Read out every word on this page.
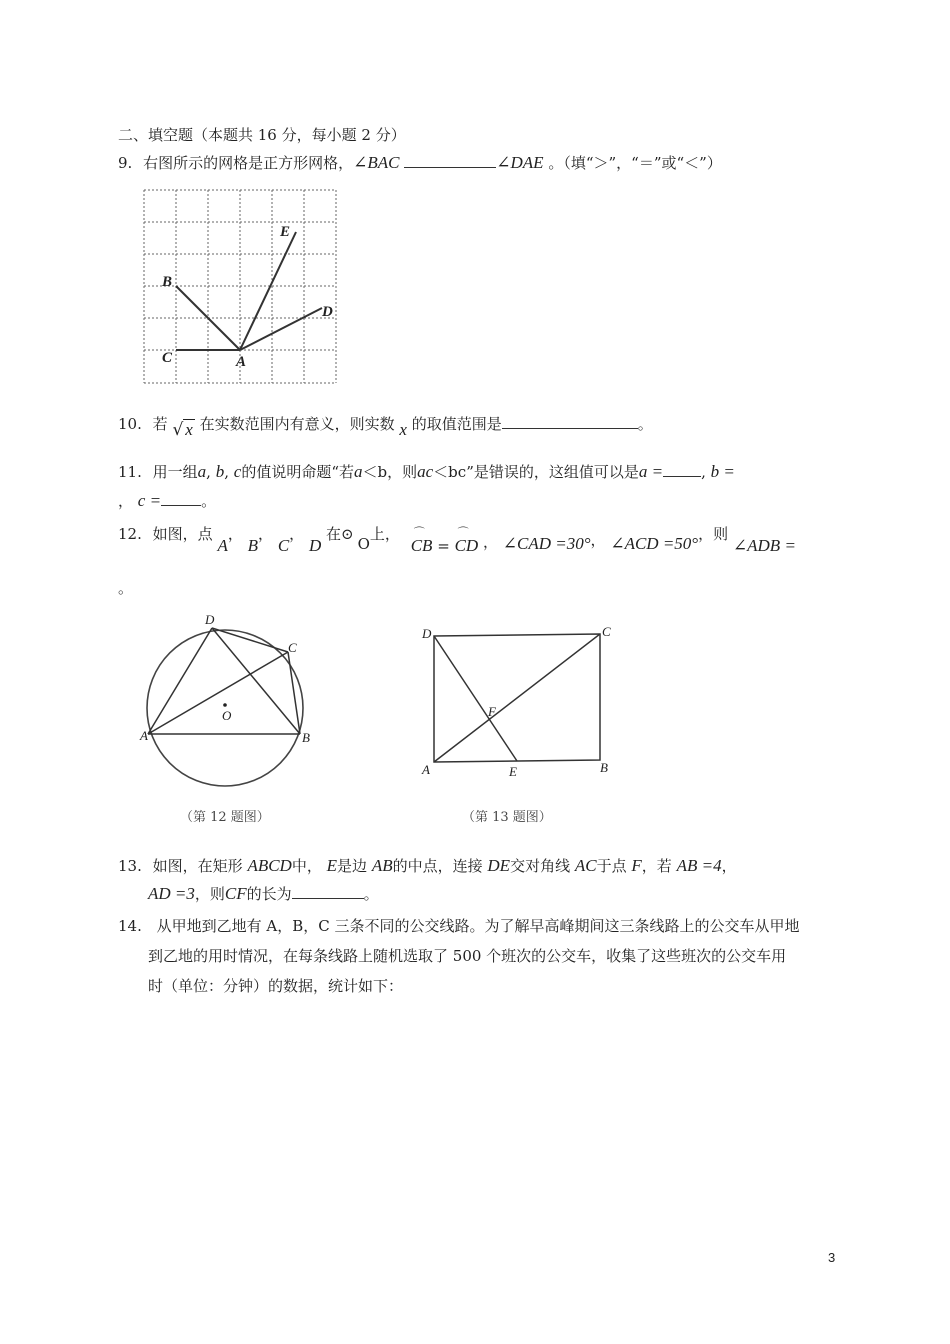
二、填空题（本题共 16 分，每小题 2 分）
9. 右图所示的网格是正方形网格，∠BAC	∠DAE 。（填“＞”，“＝”或“＜”）
E
B
D
C	A
10. 若 √ x 在实数范围内有意义，则实数 x 的取值范围是	。
11. 用一组a, b, c的值说明命题“若a＜b，则ac＜bc”是错误的，这组值可以是a =	, b =
， c =	。
12. 如图，点 A， B， C， D 在⊙O上， ⌒
CB =
⌒
CD ， ∠CAD =30°， ∠ACD =50°，则 ∠ADB =
。
D
C
A	B
O
（第 12 题图）
D	C
F
A	E	B
（第 13 题图）
13. 如图，在矩形 ABCD中， E是边 AB的中点，连接 DE交对角线 AC于点 F，若 AB =4，
AD =3，则CF的长为	。
14. 从甲地到乙地有 A，B，C 三条不同的公交线路。为了解早高峰期间这三条线路上的公交车从甲地
到乙地的用时情况，在每条线路上随机选取了 500 个班次的公交车，收集了这些班次的公交车用
时（单位：分钟）的数据，统计如下：
3
